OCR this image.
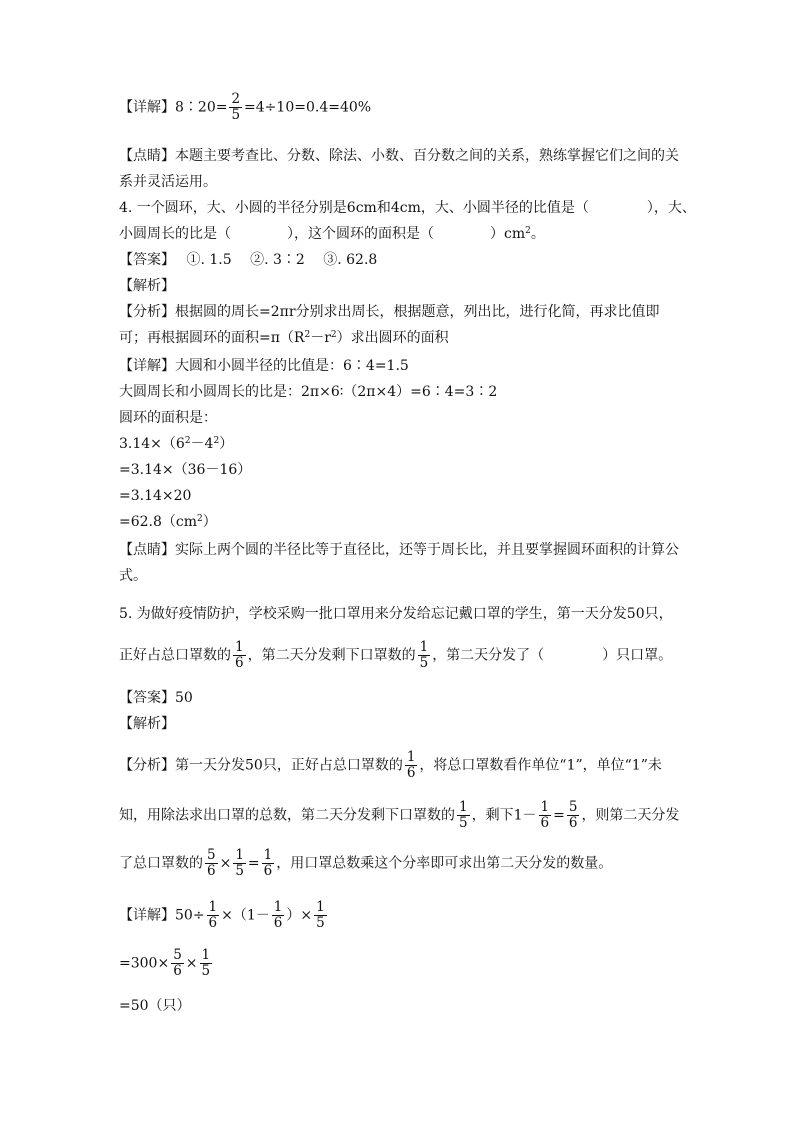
【详解】8∶20= $\frac{2}{5} =4\div 10=0.4=40\%$
【点睛】本题主要考查比、分数、除法、小数、百分数之间的关系，熟练掌握它们之间的关
系并灵活运用。
4. 一个圆环，大、小圆的半径分别是6cm和4cm，大、小圆半径的比值是（	），大、
小圆周长的比是（	），这个圆环的面积是（	）$cm^2$。
【答案】　 ①. 1.5　 ②. 3∶2　 ③. 62.8
【解析】
【分析】根据圆的周长=2πr分别求出周长，根据题意，列出比，进行化简，再求比值即
可；再根据圆环的面积$=\pi(R^2-r^2)$求出圆环的面积
【详解】大圆和小圆半径的比值是：6∶4=1.5
大圆周长和小圆周长的比是：2π×6∶（2π×4）=6∶4=3∶2
圆环的面积是：
$3.14\times(6^2-4^2)$
=3.14×（36－16）
=3.14×20
$=62.8(cm^2)$
【点睛】实际上两个圆的半径比等于直径比，还等于周长比，并且要掌握圆环面积的计算公
式。
5. 为做好疫情防护，学校采购一批口罩用来分发给忘记戴口罩的学生，第一天分发50只，
正好占总口罩数的 $\frac{1}{6}$ ，第二天分发剩下口罩数的 $\frac{1}{5}$ ，第二天分发了（	）只口罩。
【答案】50
【解析】
【分析】第一天分发50只，正好占总口罩数的 $\frac{1}{6}$ ，将总口罩数看作单位“1”，单位“1”未
知，用除法求出口罩的总数，第二天分发剩下口罩数的 $\frac{1}{5}$ ，剩下$1- \frac{1}{6} = \frac{5}{6}$ ，则第二天分发
了总口罩数的 $\frac{5}{6} \times \frac{1}{5} = \frac{1}{6}$ ，用口罩总数乘这个分率即可求出第二天分发的数量。
【详解】$50\div \frac{1}{6} \times(1- \frac{1}{6}$ ）× $\frac{1}{5}$
$=300\times \frac{5}{6} \times \frac{1}{5}$
=50（只）
